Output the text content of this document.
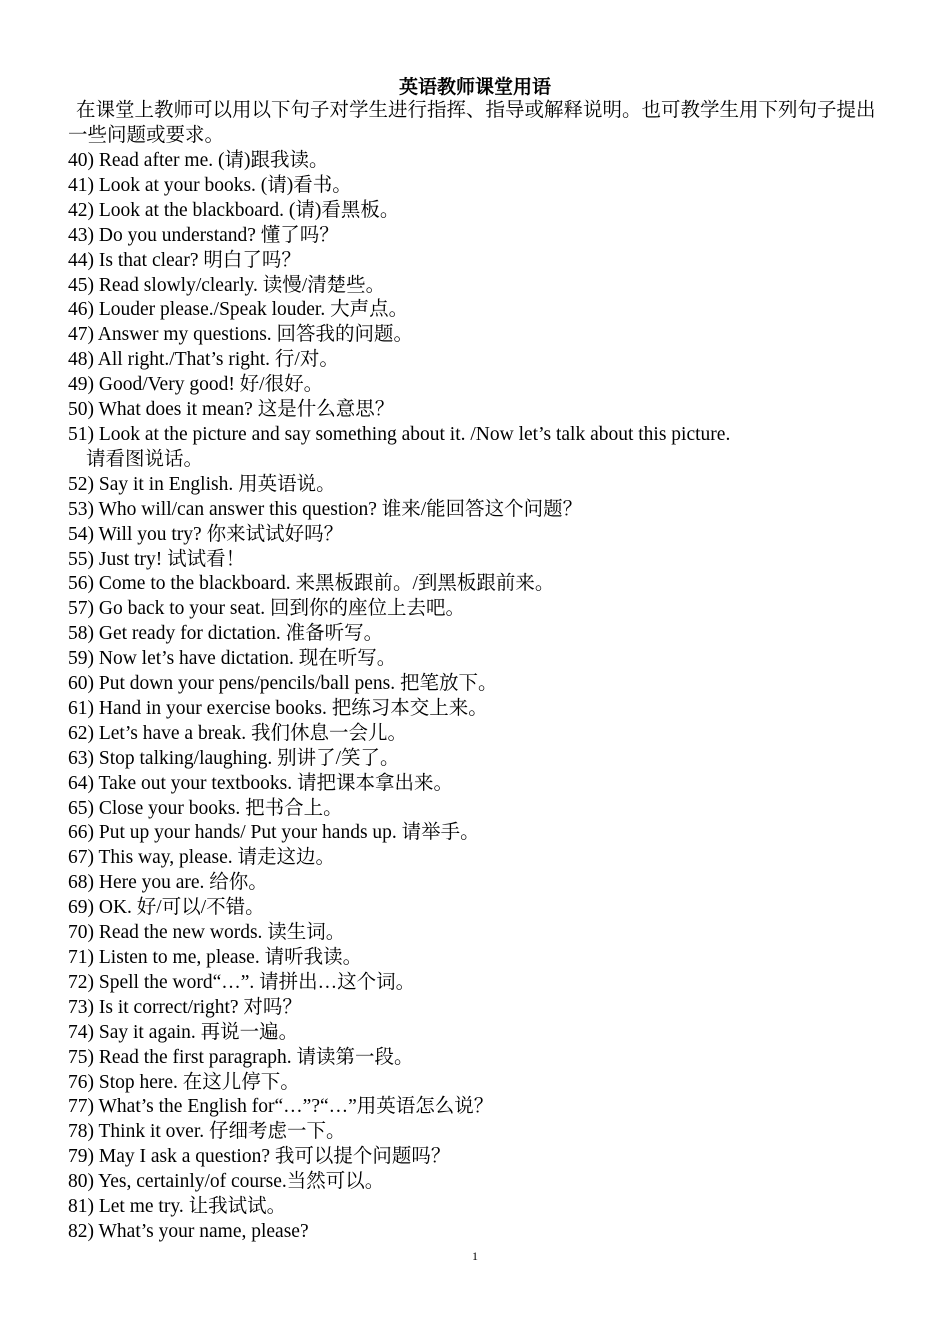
英语教师课堂用语
在课堂上教师可以用以下句子对学生进行指挥、指导或解释说明。也可教学生用下列句子提出一些问题或要求。
40) Read after me. (请)跟我读。
41) Look at your books. (请)看书。
42) Look at the blackboard. (请)看黑板。
43) Do you understand? 懂了吗？
44) Is that clear? 明白了吗？
45) Read slowly/clearly. 读慢/清楚些。
46) Louder please./Speak louder. 大声点。
47) Answer my questions. 回答我的问题。
48) All right./That’s right. 行/对。
49) Good/Very good! 好/很好。
50) What does it mean? 这是什么意思？
51) Look at the picture and say something about it. /Now let’s talk about this picture.
请看图说话。
52) Say it in English. 用英语说。
53) Who will/can answer this question? 谁来/能回答这个问题？
54) Will you try? 你来试试好吗？
55) Just try! 试试看！
56) Come to the blackboard. 来黑板跟前。/到黑板跟前来。
57) Go back to your seat. 回到你的座位上去吧。
58) Get ready for dictation. 准备听写。
59) Now let’s have dictation. 现在听写。
60) Put down your pens/pencils/ball pens. 把笔放下。
61) Hand in your exercise books. 把练习本交上来。
62) Let’s have a break. 我们休息一会儿。
63) Stop talking/laughing. 别讲了/笑了。
64) Take out your textbooks. 请把课本拿出来。
65) Close your books. 把书合上。
66) Put up your hands/ Put your hands up. 请举手。
67) This way, please. 请走这边。
68) Here you are. 给你。
69) OK. 好/可以/不错。
70) Read the new words. 读生词。
71) Listen to me, please. 请听我读。
72) Spell the word“…”. 请拼出…这个词。
73) Is it correct/right? 对吗？
74) Say it again. 再说一遍。
75) Read the first paragraph. 请读第一段。
76) Stop here. 在这儿停下。
77) What’s the English for“…”?“…”用英语怎么说？
78) Think it over. 仔细考虑一下。
79) May I ask a question? 我可以提个问题吗？
80) Yes, certainly/of course.当然可以。
81) Let me try. 让我试试。
82) What’s your name, please?
1
